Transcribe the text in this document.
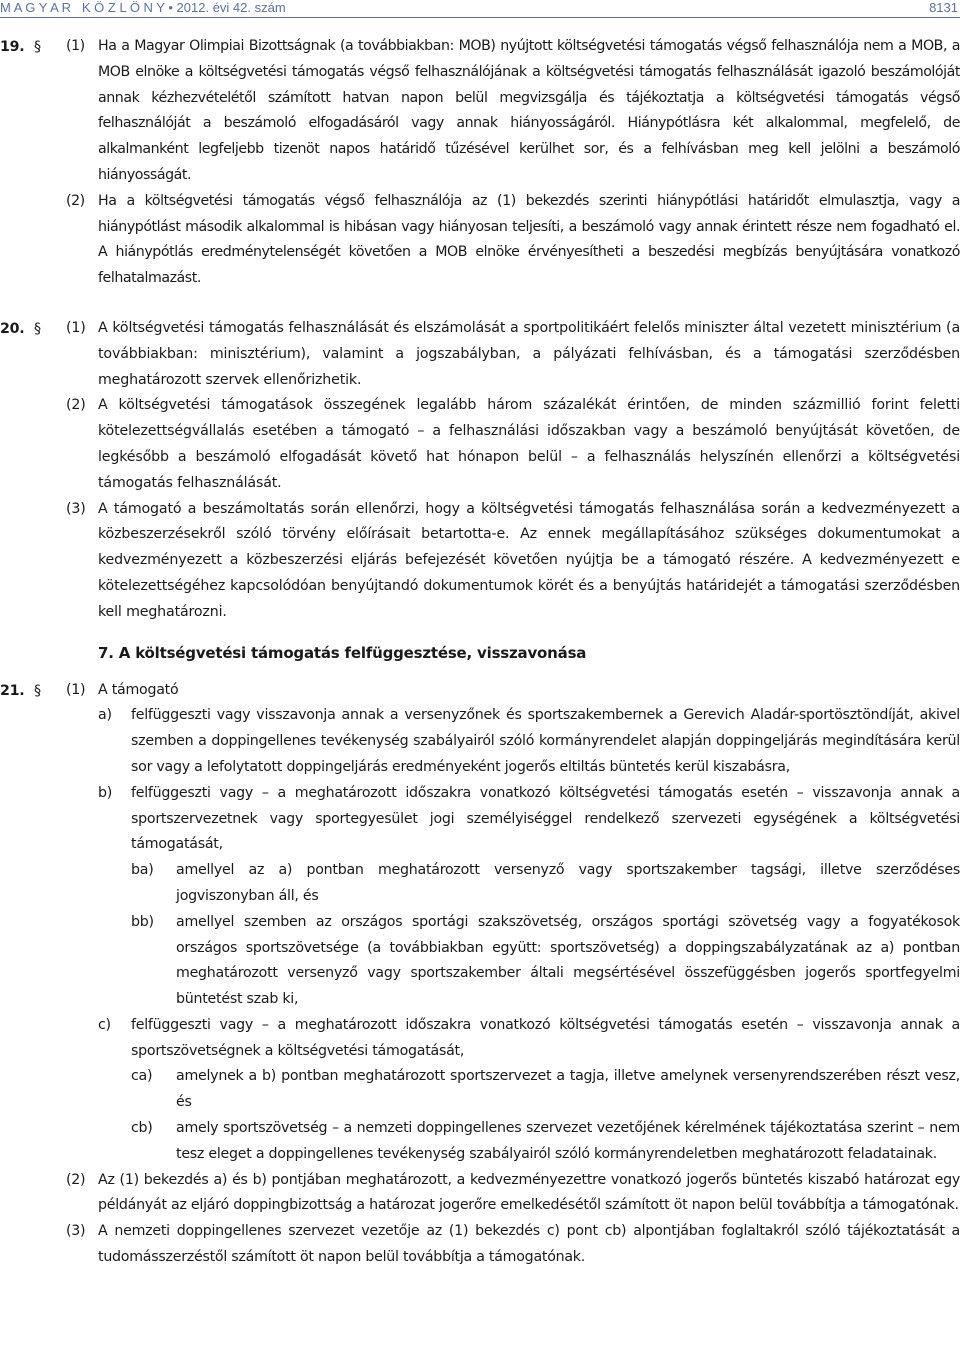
M A G Y A R   K Ö Z L Ö N Y • 2012. évi 42. szám	8131
19. § (1) Ha a Magyar Olimpiai Bizottságnak (a továbbiakban: MOB) nyújtott költségvetési támogatás végső felhasználója nem a MOB, a MOB elnöke a költségvetési támogatás végső felhasználójának a költségvetési támogatás felhasználását igazoló beszámolóját annak kézhezvételétől számított hatvan napon belül megvizsgálja és tájékoztatja a költségvetési támogatás végső felhasználóját a beszámoló elfogadásáról vagy annak hiányosságáról. Hiánypótlásra két alkalommal, megfelelő, de alkalmanként legfeljebb tizenöt napos határidő tűzésével kerülhet sor, és a felhívásban meg kell jelölni a beszámoló hiányosságát.
(2) Ha a költségvetési támogatás végső felhasználója az (1) bekezdés szerinti hiánypótlási határidőt elmulasztja, vagy a hiánypótlást második alkalommal is hibásan vagy hiányosan teljesíti, a beszámoló vagy annak érintett része nem fogadható el. A hiánypótlás eredménytelenségét követően a MOB elnöke érvényesítheti a beszedési megbízás benyújtására vonatkozó felhatalmazást.
20. § (1) A költségvetési támogatás felhasználását és elszámolását a sportpolitikáért felelős miniszter által vezetett minisztérium (a továbbiakban: minisztérium), valamint a jogszabályban, a pályázati felhívásban, és a támogatási szerződésben meghatározott szervek ellenőrizhetik.
(2) A költségvetési támogatások összegének legalább három százalékát érintően, de minden százmillió forint feletti kötelezettségvállalás esetében a támogató – a felhasználási időszakban vagy a beszámoló benyújtását követően, de legkésőbb a beszámoló elfogadását követő hat hónapon belül – a felhasználás helyszínén ellenőrzi a költségvetési támogatás felhasználását.
(3) A támogató a beszámoltatás során ellenőrzi, hogy a költségvetési támogatás felhasználása során a kedvezményezett a közbeszerzésekről szóló törvény előírásait betartotta-e. Az ennek megállapításához szükséges dokumentumokat a kedvezményezett a közbeszerzési eljárás befejezését követően nyújtja be a támogató részére. A kedvezményezett e kötelezettségéhez kapcsolódóan benyújtandó dokumentumok körét és a benyújtás határidejét a támogatási szerződésben kell meghatározni.
7. A költségvetési támogatás felfüggesztése, visszavonása
21. § (1) A támogató
a) felfüggeszti vagy visszavonja annak a versenyzőnek és sportszakembernek a Gerevich Aladár-sportösztöndíját, akivel szemben a doppingellenes tevékenység szabályairól szóló kormányrendelet alapján doppingeljárás megindítására kerül sor vagy a lefolytatott doppingeljárás eredményeként jogerős eltiltás büntetés kerül kiszabásra,
b) felfüggeszti vagy – a meghatározott időszakra vonatkozó költségvetési támogatás esetén – visszavonja annak a sportszervezetnek vagy sportegyesület jogi személyiséggel rendelkező szervezeti egységének a költségvetési támogatását,
ba) amellyel az a) pontban meghatározott versenyző vagy sportszakember tagsági, illetve szerződéses jogviszonyban áll, és
bb) amellyel szemben az országos sportági szakszövetség, országos sportági szövetség vagy a fogyatékosok országos sportszövetsége (a továbbiakban együtt: sportszövetség) a doppingszabályzatának az a) pontban meghatározott versenyző vagy sportszakember általi megsértésével összefüggésben jogerős sportfegyelmi büntetést szab ki,
c) felfüggeszti vagy – a meghatározott időszakra vonatkozó költségvetési támogatás esetén – visszavonja annak a sportszövetségnek a költségvetési támogatását,
ca) amelynek a b) pontban meghatározott sportszervezet a tagja, illetve amelynek versenyrendszerében részt vesz, és
cb) amely sportszövetség – a nemzeti doppingellenes szervezet vezetőjének kérelmének tájékoztatása szerint – nem tesz eleget a doppingellenes tevékenység szabályairól szóló kormányrendeletben meghatározott feladatainak.
(2) Az (1) bekezdés a) és b) pontjában meghatározott, a kedvezményezettre vonatkozó jogerős büntetés kiszabó határozat egy példányát az eljáró doppingbizottság a határozat jogerőre emelkedésétől számított öt napon belül továbbítja a támogatónak.
(3) A nemzeti doppingellenes szervezet vezetője az (1) bekezdés c) pont cb) alpontjában foglaltakról szóló tájékoztatását a tudomásszerzéstől számított öt napon belül továbbítja a támogatónak.
